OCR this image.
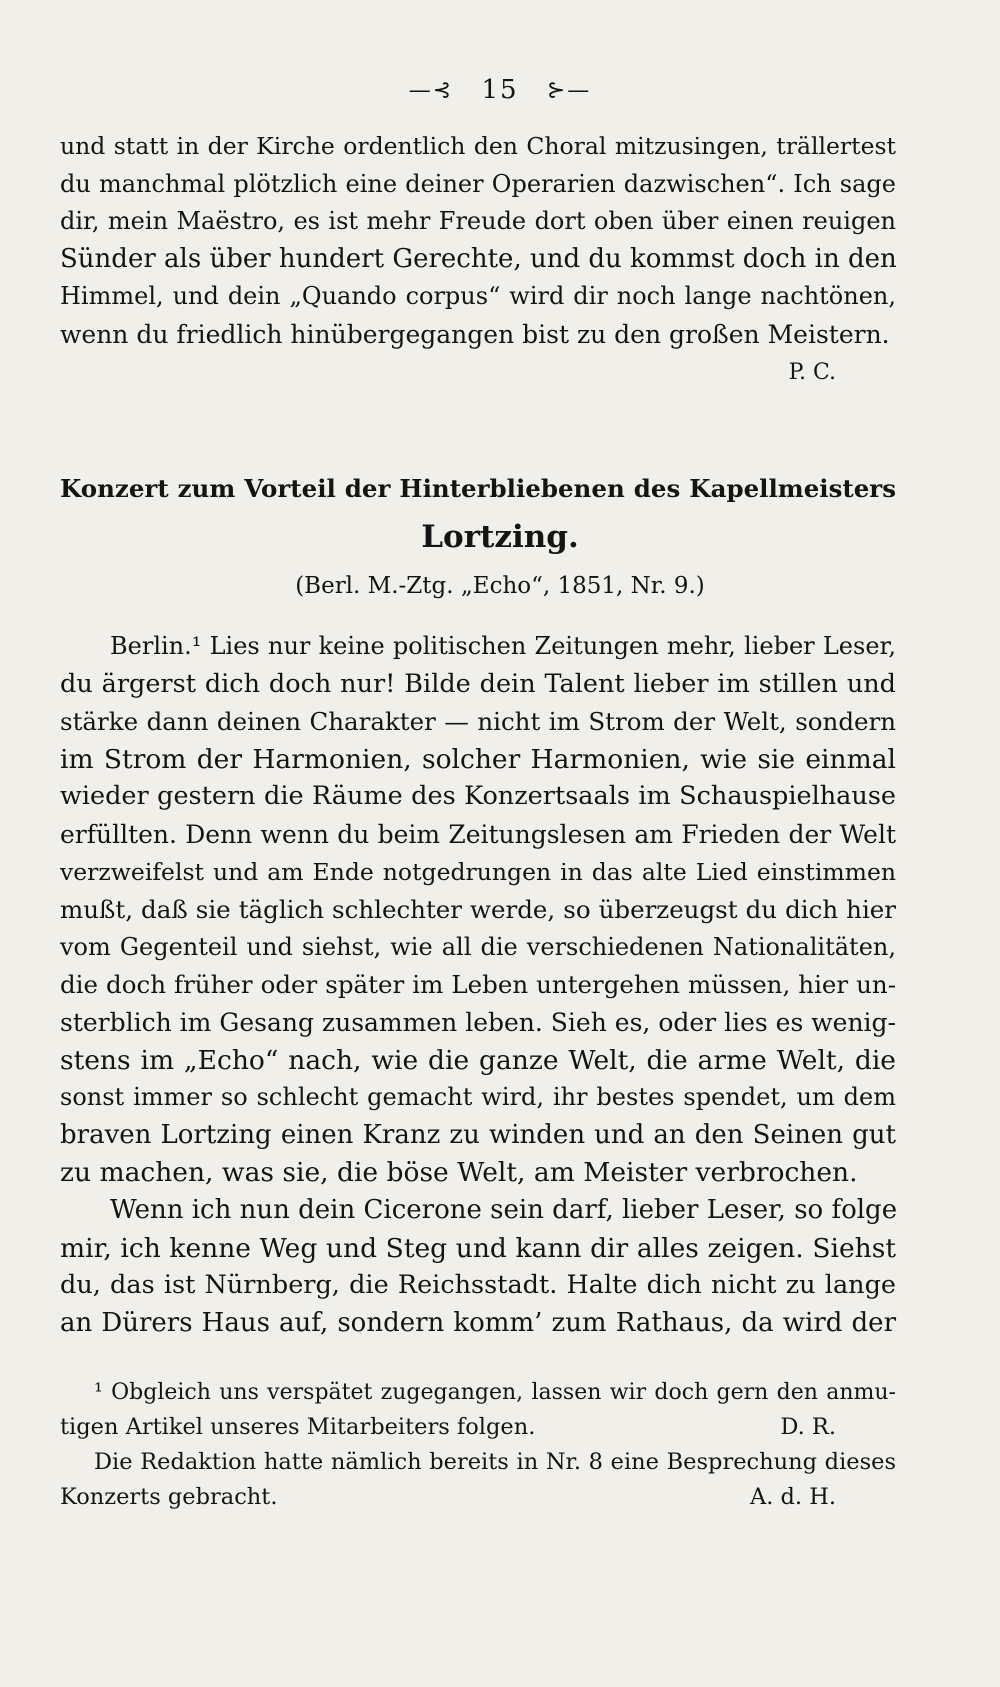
—⊰ 15 ⊱—
und statt in der Kirche ordentlich den Choral mitzusingen, trällertest
du manchmal plötzlich eine deiner Operarien dazwischen“. Ich sage
dir, mein Maëstro, es ist mehr Freude dort oben über einen reuigen
Sünder als über hundert Gerechte, und du kommst doch in den
Himmel, und dein „Quando corpus“ wird dir noch lange nachtönen,
wenn du friedlich hinübergegangen bist zu den großen Meistern.
P. C.
Konzert zum Vorteil der Hinterbliebenen des Kapellmeisters
Lortzing.
(Berl. M.-Ztg. „Echo“, 1851, Nr. 9.)
Berlin.¹ Lies nur keine politischen Zeitungen mehr, lieber Leser,
du ärgerst dich doch nur! Bilde dein Talent lieber im stillen und
stärke dann deinen Charakter — nicht im Strom der Welt, sondern
im Strom der Harmonien, solcher Harmonien, wie sie einmal
wieder gestern die Räume des Konzertsaals im Schauspielhause
erfüllten. Denn wenn du beim Zeitungslesen am Frieden der Welt
verzweifelst und am Ende notgedrungen in das alte Lied einstimmen
mußt, daß sie täglich schlechter werde, so überzeugst du dich hier
vom Gegenteil und siehst, wie all die verschiedenen Nationalitäten,
die doch früher oder später im Leben untergehen müssen, hier un-
sterblich im Gesang zusammen leben. Sieh es, oder lies es wenig-
stens im „Echo“ nach, wie die ganze Welt, die arme Welt, die
sonst immer so schlecht gemacht wird, ihr bestes spendet, um dem
braven Lortzing einen Kranz zu winden und an den Seinen gut
zu machen, was sie, die böse Welt, am Meister verbrochen.
Wenn ich nun dein Cicerone sein darf, lieber Leser, so folge
mir, ich kenne Weg und Steg und kann dir alles zeigen. Siehst
du, das ist Nürnberg, die Reichsstadt. Halte dich nicht zu lange
an Dürers Haus auf, sondern komm’ zum Rathaus, da wird der
¹ Obgleich uns verspätet zugegangen, lassen wir doch gern den anmu-
tigen Artikel unseres Mitarbeiters folgen.	D. R.
Die Redaktion hatte nämlich bereits in Nr. 8 eine Besprechung dieses
Konzerts gebracht.	A. d. H.
